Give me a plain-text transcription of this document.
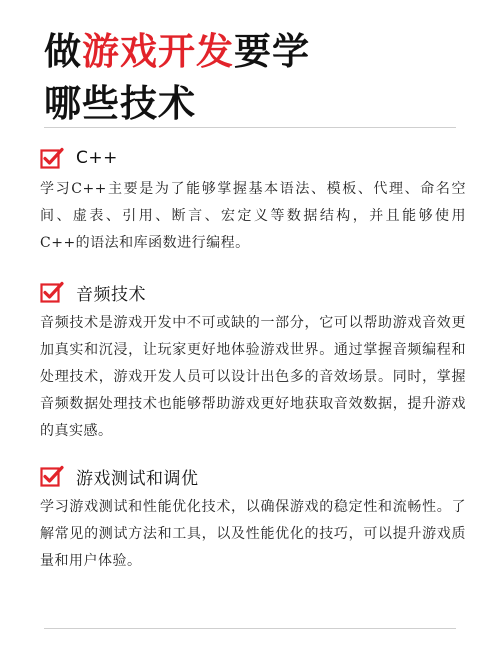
做游戏开发要学
哪些技术
C++
学习C++主要是为了能够掌握基本语法、模板、代理、命名空间、虚表、引用、断言、宏定义等数据结构，并且能够使用C++的语法和库函数进行编程。
音频技术
音频技术是游戏开发中不可或缺的一部分，它可以帮助游戏音效更加真实和沉浸，让玩家更好地体验游戏世界。通过掌握音频编程和处理技术，游戏开发人员可以设计出色多的音效场景。同时，掌握音频数据处理技术也能够帮助游戏更好地获取音效数据，提升游戏的真实感。
游戏测试和调优
学习游戏测试和性能优化技术，以确保游戏的稳定性和流畅性。了解常见的测试方法和工具，以及性能优化的技巧，可以提升游戏质量和用户体验。
